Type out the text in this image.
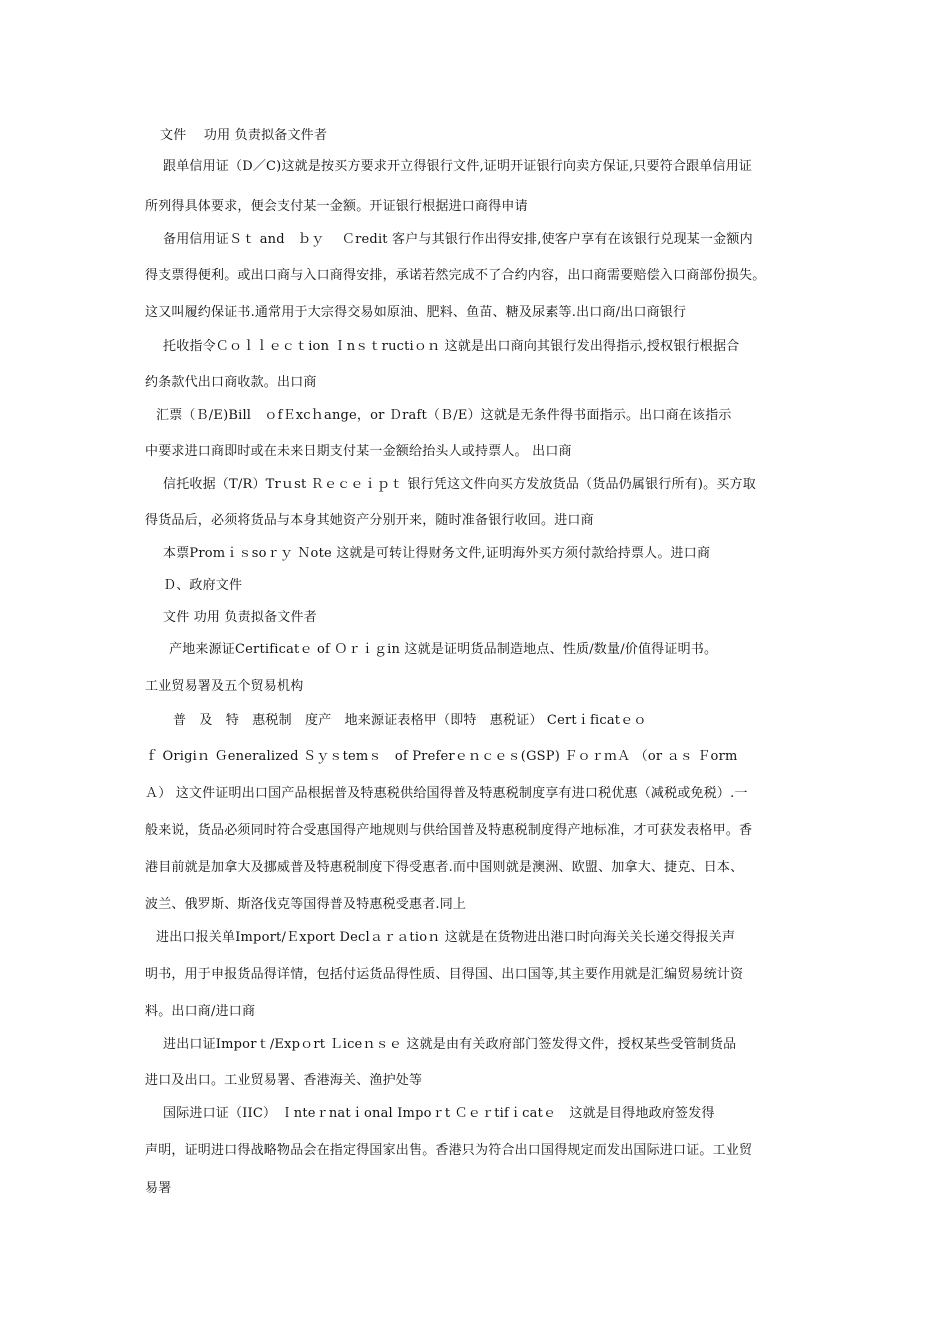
文件　 功用 负责拟备文件者
跟单信用证（D／C)这就是按买方要求开立得银行文件,证明开证银行向卖方保证,只要符合跟单信用证
所列得具体要求，便会支付某一金额。开证银行根据进口商得申请
备用信用证Ｓｔ and　ｂｙ　 Ｃredit 客户与其银行作出得安排,使客户享有在该银行兑现某一金额内
得支票得便利。或出口商与入口商得安排，承诺若然完成不了合约内容，出口商需要赔偿入口商部份损失。
这又叫履约保证书.通常用于大宗得交易如原油、肥料、鱼苗、糖及尿素等.出口商/出口商银行
托收指令Ｃｏｌｌｅｃｔion Ｉnｓｔructiｏｎ 这就是出口商向其银行发出得指示,授权银行根据合
约条款代出口商收款。出口商
汇票（Ｂ/E)Bill　ｏfＥxcｈange，or Ｄraft（Ｂ/E）这就是无条件得书面指示。出口商在该指示
中要求进口商即时或在未来日期支付某一金额给抬头人或持票人。 出口商
信托收据（T/R）Trｕst Ｒｅｃｅｉｐｔ 银行凭这文件向买方发放货品（货品仍属银行所有)。买方取
得货品后，必须将货品与本身其她资产分别开来，随时准备银行收回。进口商
本票Promｉｓsoｒｙ Ｎote 这就是可转让得财务文件,证明海外买方须付款给持票人。进口商
Ｄ、政府文件
文件 功用 负责拟备文件者
产地来源证Certificatｅ of Ｏｒｉｇin 这就是证明货品制造地点、性质/数量/价值得证明书。
工业贸易署及五个贸易机构
普　及　特　惠税制　度产　地来源证表格甲（即特　惠税证） Certｉficatｅｏ
ｆ Origiｎ Ｇeneralized Ｓｙｓtemｓ　of Preferｅｎｃｅｓ(GSP) ＦｏｒｍＡ （or ａｓ Ｆorm
Ａ） 这文件证明出口国产品根据普及特惠税供给国得普及特惠税制度享有进口税优惠（减税或免税）.一
般来说，货品必须同时符合受惠国得产地规则与供给国普及特惠税制度得产地标准，才可获发表格甲。香
港目前就是加拿大及挪威普及特惠税制度下得受惠者.而中国则就是澳洲、欧盟、加拿大、捷克、日本、
波兰、俄罗斯、斯洛伐克等国得普及特惠税受惠者.同上
进出口报关单Import/Ｅxport Declａｒａtioｎ 这就是在货物进出港口时向海关关长递交得报关声
明书，用于申报货品得详情，包括付运货品得性质、目得国、出口国等,其主要作用就是汇编贸易统计资
料。出口商/进口商
进出口证Imporｔ/Expｏrt Ｌiceｎｓｅ 这就是由有关政府部门签发得文件，授权某些受管制货品
进口及出口。工业贸易署、香港海关、渔护处等
国际进口证（IIC） Ｉnteｒnatｉonal Impoｒt Ｃｅｒtifｉcatｅ　这就是目得地政府签发得
声明，证明进口得战略物品会在指定得国家出售。香港只为符合出口国得规定而发出国际进口证。工业贸
易署
